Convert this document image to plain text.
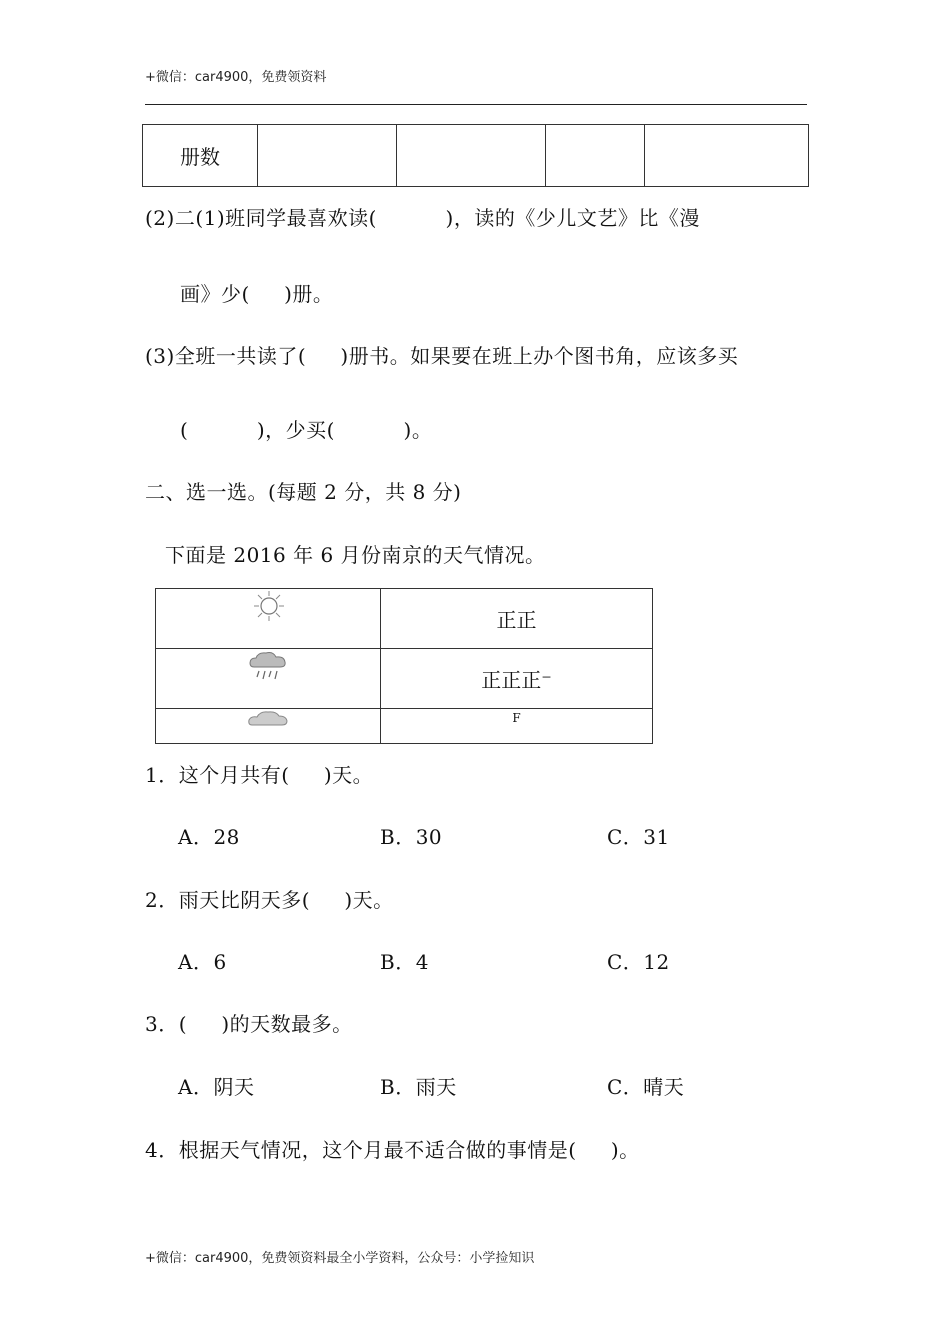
+微信：car4900，免费领资料
册数				
(2)二(1)班同学最喜欢读(          )，读的《少儿文艺》比《漫
画》少(     )册。
(3)全班一共读了(     )册书。如果要在班上办个图书角，应该多买
(          )，少买(          )。
二、选一选。(每题 2 分，共 8 分)
下面是 2016 年 6 月份南京的天气情况。
	正正

	正正正⁻

	F
1．这个月共有(     )天。
A．28	B．30	C．31
2．雨天比阴天多(     )天。
A．6	B．4	C．12
3．(     )的天数最多。
A．阴天	B．雨天	C．晴天
4．根据天气情况，这个月最不适合做的事情是(     )。
+微信：car4900，免费领资料最全小学资料，公众号：小学捡知识
